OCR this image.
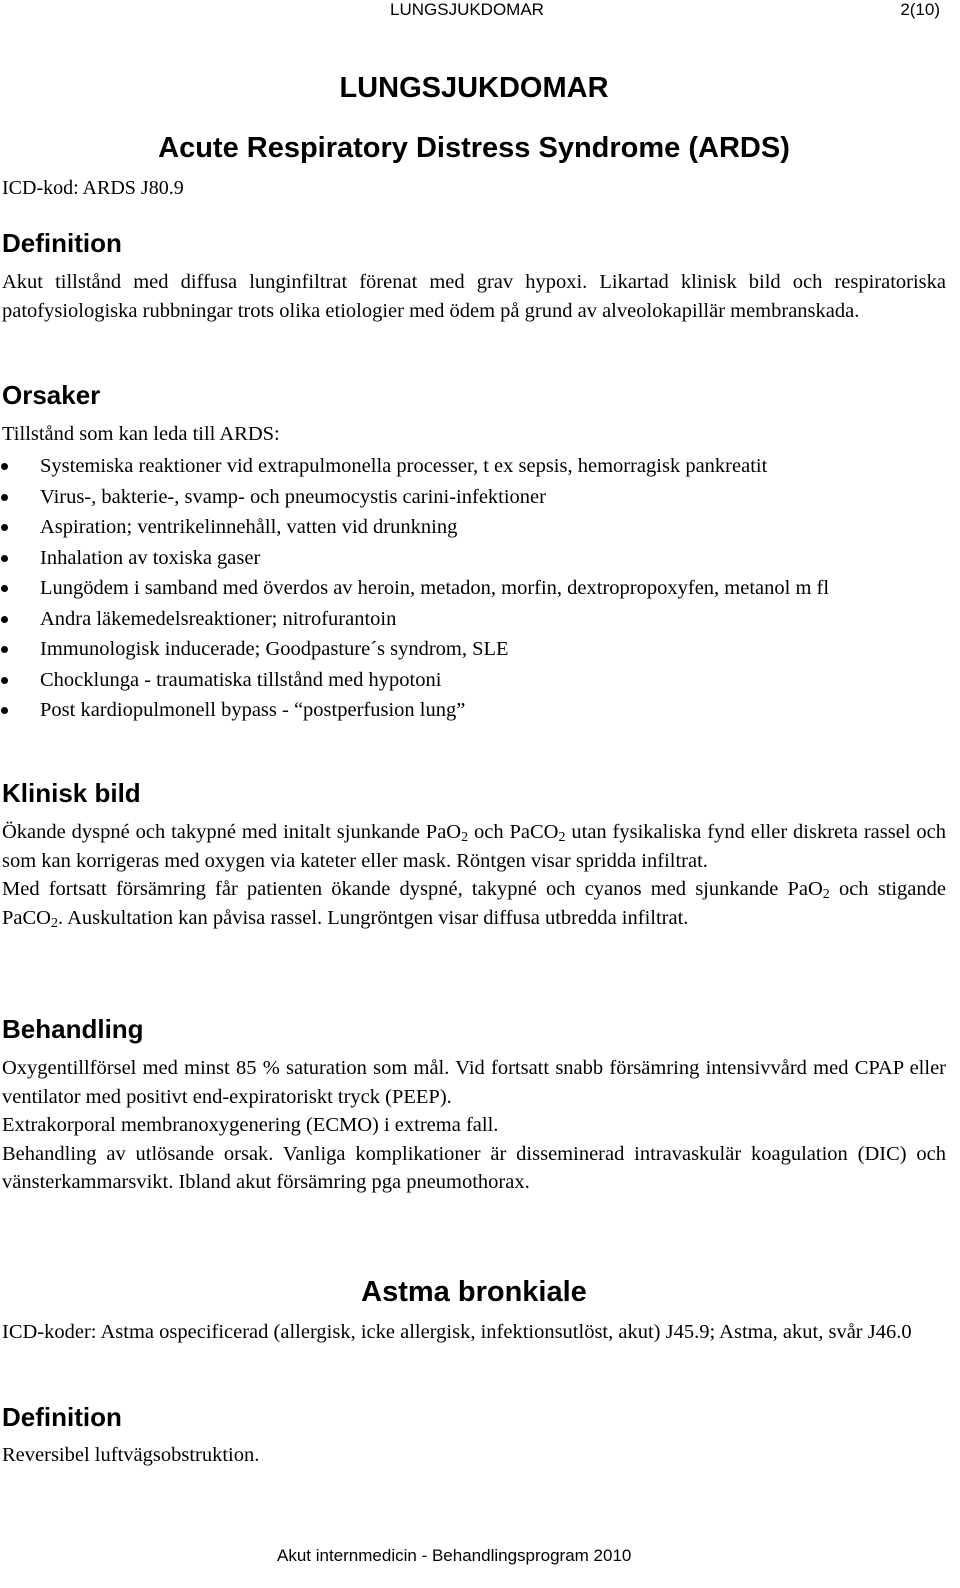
LUNGSJUKDOMAR	2(10)
LUNGSJUKDOMAR
Acute Respiratory Distress Syndrome (ARDS)
ICD-kod: ARDS J80.9
Definition
Akut tillstånd med diffusa lunginfiltrat förenat med grav hypoxi. Likartad klinisk bild och respiratoriska patofysiologiska rubbningar trots olika etiologier med ödem på grund av alveolokapillär membranskada.
Orsaker
Tillstånd som kan leda till ARDS:
Systemiska reaktioner vid extrapulmonella processer, t ex sepsis, hemorragisk pankreatit
Virus-, bakterie-, svamp- och pneumocystis carini-infektioner
Aspiration; ventrikelinnehåll, vatten vid drunkning
Inhalation av toxiska gaser
Lungödem i samband med överdos av heroin, metadon, morfin, dextropropoxyfen, metanol m fl
Andra läkemedelsreaktioner; nitrofurantoin
Immunologisk inducerade; Goodpasture´s syndrom, SLE
Chocklunga - traumatiska tillstånd med hypotoni
Post kardiopulmonell bypass - “postperfusion lung”
Klinisk bild

Ökande dyspné och takypné med initalt sjunkande PaO$_2$ och PaCO$_2$ utan fysikaliska fynd eller diskreta rassel och som kan korrigeras med oxygen via kateter eller mask. Röntgen visar spridda infiltrat.

Med fortsatt försämring får patienten ökande dyspné, takypné och cyanos med sjunkande PaO$_2$ och stigande PaCO$_2$. Auskultation kan påvisa rassel. Lungröntgen visar diffusa utbredda infiltrat.

Behandling

Oxygentillförsel med minst 85 % saturation som mål. Vid fortsatt snabb försämring intensivvård med CPAP eller ventilator med positivt end-expiratoriskt tryck (PEEP).

Extrakorporal membranoxygenering (ECMO) i extrema fall.

Behandling av utlösande orsak. Vanliga komplikationer är disseminerad intravaskulär koagulation (DIC) och vänsterkammarsvikt. Ibland akut försämring pga pneumothorax.

Astma bronkiale
ICD-koder: Astma ospecificerad (allergisk, icke allergisk, infektionsutlöst, akut) J45.9; Astma, akut, svår J46.0
Definition
Reversibel luftvägsobstruktion.
Akut internmedicin - Behandlingsprogram 2010
